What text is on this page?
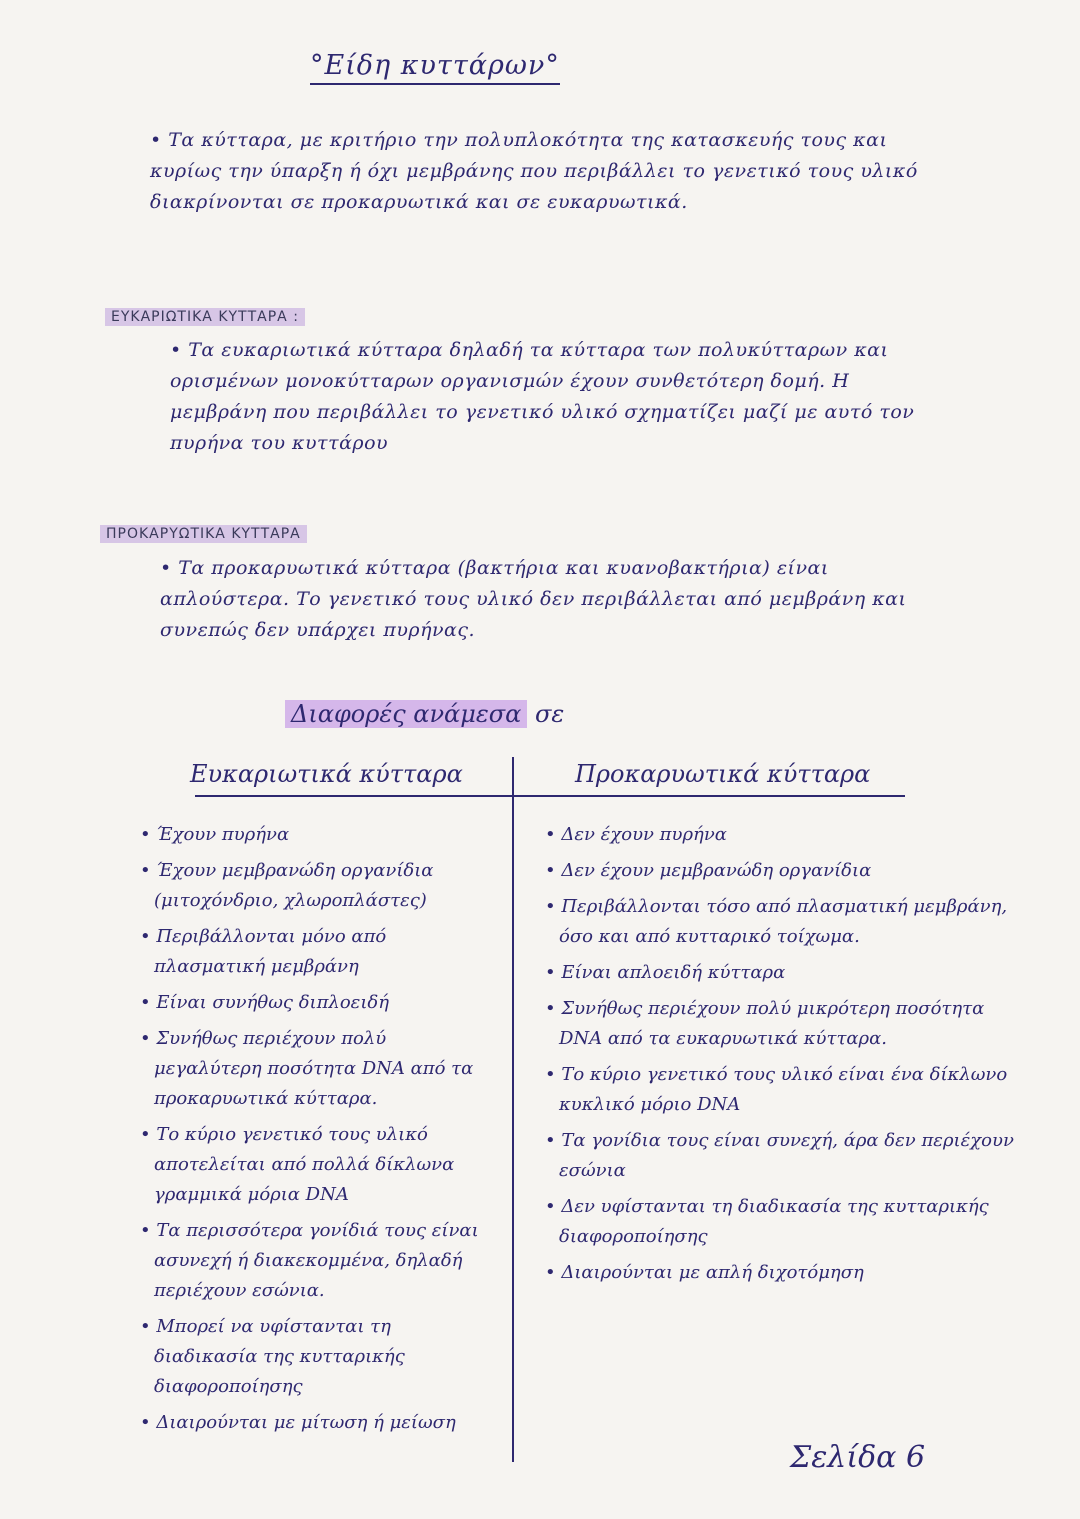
°Είδη κυττάρων°
• Τα κύτταρα, με κριτήριο την πολυπλοκότητα της κατασκευής τους και κυρίως την ύπαρξη ή όχι μεμβράνης που περιβάλλει το γενετικό τους υλικό διακρίνονται σε προκαρυωτικά και σε ευκαρυωτικά.
ΕΥΚΑΡΙΩΤΙΚΑ ΚΥΤΤΑΡΑ :
• Τα ευκαριωτικά κύτταρα δηλαδή τα κύτταρα των πολυκύτταρων και ορισμένων μονοκύτταρων οργανισμών έχουν συνθετότερη δομή. Η μεμβράνη που περιβάλλει το γενετικό υλικό σχηματίζει μαζί με αυτό τον πυρήνα του κυττάρου
ΠΡΟΚΑΡΥΩΤΙΚΑ ΚΥΤΤΑΡΑ
• Τα προκαρυωτικά κύτταρα (βακτήρια και κυανοβακτήρια) είναι απλούστερα. Το γενετικό τους υλικό δεν περιβάλλεται από μεμβράνη και συνεπώς δεν υπάρχει πυρήνας.
Διαφορές ανάμεσα σε
Ευκαριωτικά κύτταρα	Προκαρυωτικά κύτταρα
• Έχουν πυρήνα
• Έχουν μεμβρανώδη οργανίδια (μιτοχόνδριο, χλωροπλάστες)
• Περιβάλλονται μόνο από πλασματική μεμβράνη
• Είναι συνήθως διπλοειδή
• Συνήθως περιέχουν πολύ μεγαλύτερη ποσότητα DNA από τα προκαρυωτικά κύτταρα.
• Το κύριο γενετικό τους υλικό αποτελείται από πολλά δίκλωνα γραμμικά μόρια DNA
• Τα περισσότερα γονίδιά τους είναι ασυνεχή ή διακεκομμένα, δηλαδή περιέχουν εσώνια.
• Μπορεί να υφίστανται τη διαδικασία της κυτταρικής διαφοροποίησης
• Διαιρούνται με μίτωση ή μείωση
• Δεν έχουν πυρήνα
• Δεν έχουν μεμβρανώδη οργανίδια
• Περιβάλλονται τόσο από πλασματική μεμβράνη, όσο και από κυτταρικό τοίχωμα.
• Είναι απλοειδή κύτταρα
• Συνήθως περιέχουν πολύ μικρότερη ποσότητα DNA από τα ευκαρυωτικά κύτταρα.
• Το κύριο γενετικό τους υλικό είναι ένα δίκλωνο κυκλικό μόριο DNA
• Τα γονίδια τους είναι συνεχή, άρα δεν περιέχουν εσώνια
• Δεν υφίστανται τη διαδικασία της κυτταρικής διαφοροποίησης
• Διαιρούνται με απλή διχοτόμηση
Σελίδα 6
